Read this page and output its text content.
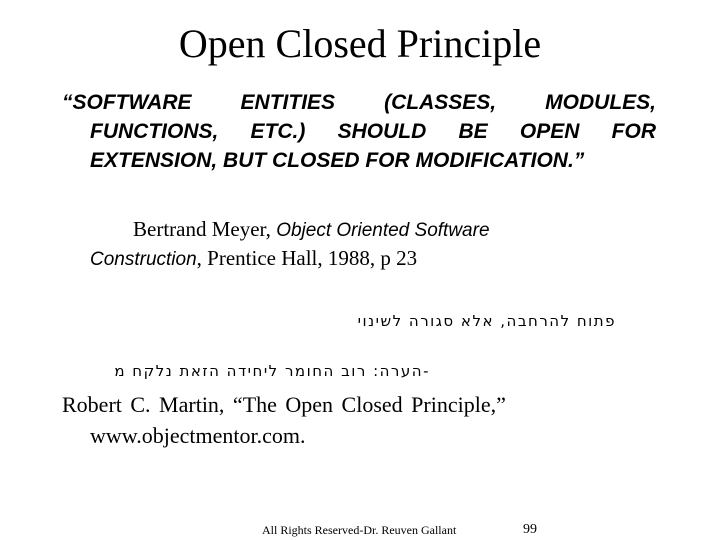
Open Closed Principle
“SOFTWARE ENTITIES (CLASSES, MODULES,
FUNCTIONS, ETC.) SHOULD BE OPEN FOR
EXTENSION, BUT CLOSED FOR MODIFICATION.”
Bertrand Meyer, Object Oriented Software
Construction, Prentice Hall, 1988, p 23
פתוח להרחבה, אלא סגורה לשינוי
-הערה: רוב החומר ליחידה הזאת נלקח מ
Robert C. Martin, “The Open Closed Principle,”
www.objectmentor.com.
All Rights Reserved-Dr. Reuven Gallant	99
